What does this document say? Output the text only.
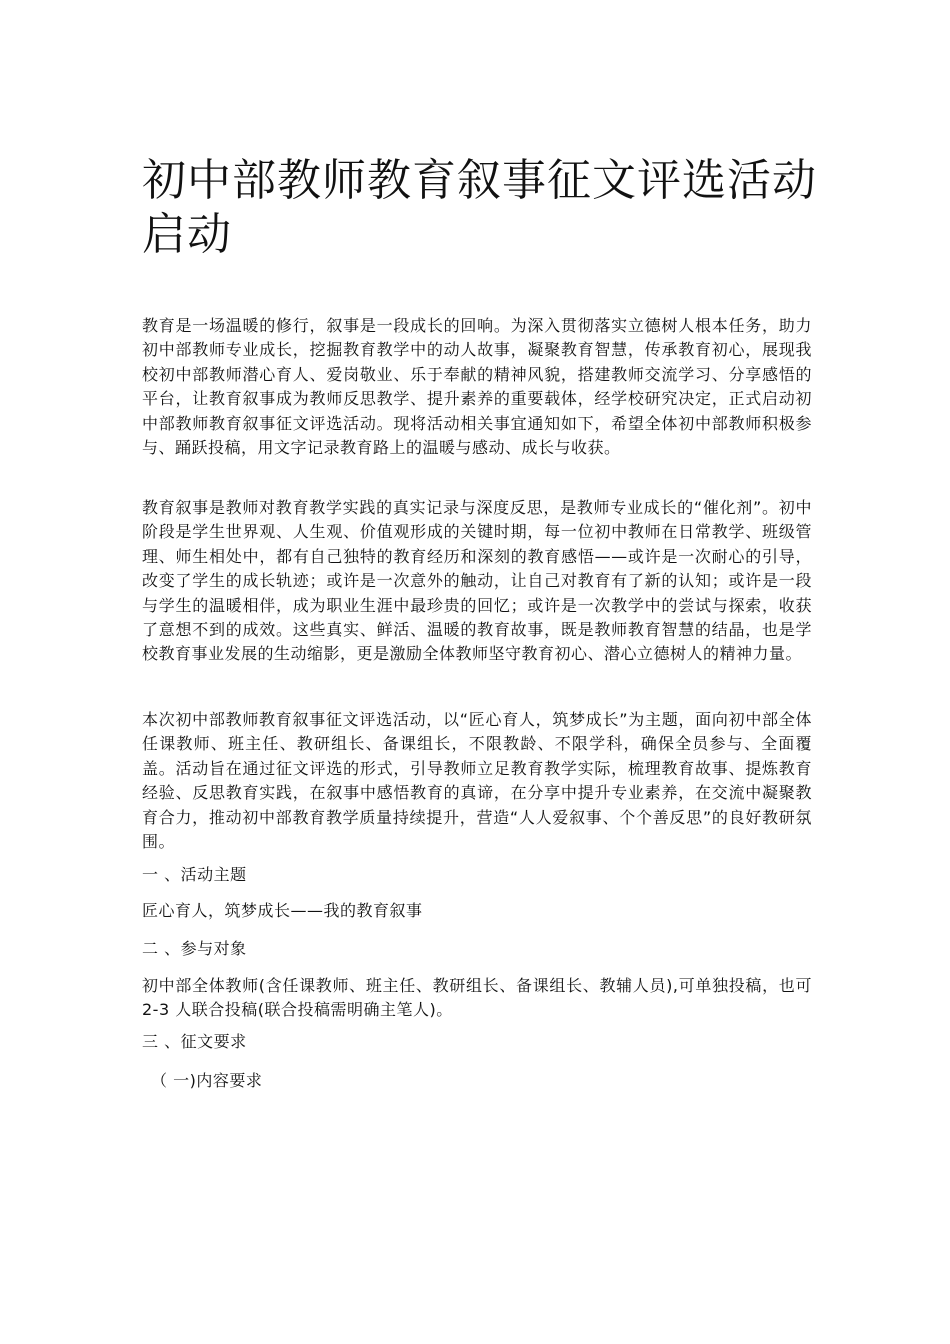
初中部教师教育叙事征文评选活动启动

教育是一场温暖的修行，叙事是一段成长的回响。为深入贯彻落实立德树人根本任务，助力初中部教师专业成长，挖掘教育教学中的动人故事，凝聚教育智慧，传承教育初心，展现我校初中部教师潜心育人、爱岗敬业、乐于奉献的精神风貌，搭建教师交流学习、分享感悟的平台，让教育叙事成为教师反思教学、提升素养的重要载体，经学校研究决定，正式启动初中部教师教育叙事征文评选活动。现将活动相关事宜通知如下，希望全体初中部教师积极参与、踊跃投稿，用文字记录教育路上的温暖与感动、成长与收获。

教育叙事是教师对教育教学实践的真实记录与深度反思，是教师专业成长的“催化剂”。初中阶段是学生世界观、人生观、价值观形成的关键时期，每一位初中教师在日常教学、班级管理、师生相处中，都有自己独特的教育经历和深刻的教育感悟——或许是一次耐心的引导，改变了学生的成长轨迹；或许是一次意外的触动，让自己对教育有了新的认知；或许是一段与学生的温暖相伴，成为职业生涯中最珍贵的回忆；或许是一次教学中的尝试与探索，收获了意想不到的成效。这些真实、鲜活、温暖的教育故事，既是教师教育智慧的结晶，也是学校教育事业发展的生动缩影，更是激励全体教师坚守教育初心、潜心立德树人的精神力量。

本次初中部教师教育叙事征文评选活动，以“匠心育人，筑梦成长”为主题，面向初中部全体任课教师、班主任、教研组长、备课组长，不限教龄、不限学科，确保全员参与、全面覆盖。活动旨在通过征文评选的形式，引导教师立足教育教学实际，梳理教育故事、提炼教育经验、反思教育实践，在叙事中感悟教育的真谛，在分享中提升专业素养，在交流中凝聚教育合力，推动初中部教育教学质量持续提升，营造“人人爱叙事、个个善反思”的良好教研氛围。

一 、活动主题

匠心育人，筑梦成长——我的教育叙事

二 、参与对象

初中部全体教师(含任课教师、班主任、教研组长、备课组长、教辅人员),可单独投稿，也可 2-3 人联合投稿(联合投稿需明确主笔人)。

三 、征文要求

（ 一)内容要求
